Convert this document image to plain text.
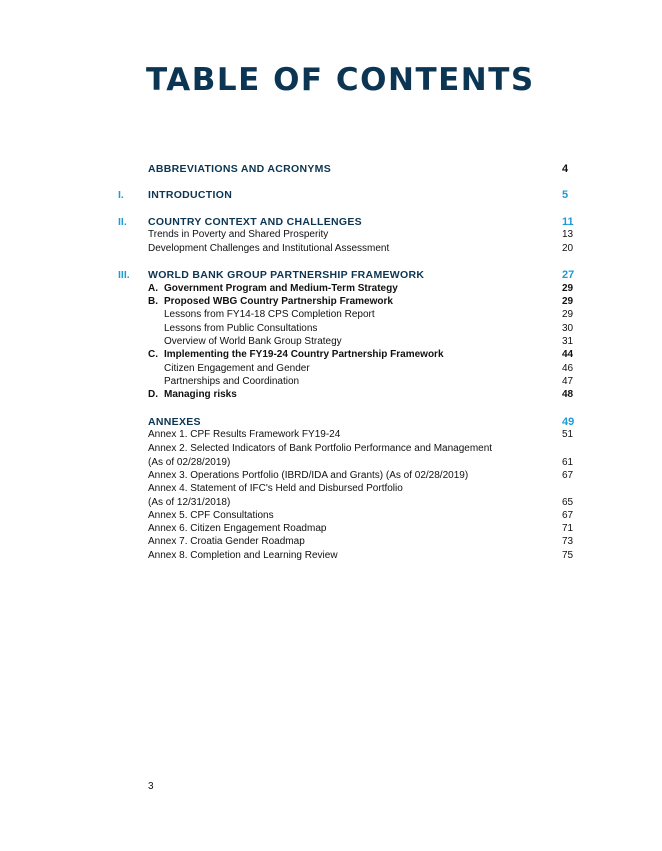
TABLE OF CONTENTS
ABBREVIATIONS AND ACRONYMS	4
I. INTRODUCTION	5
II. COUNTRY CONTEXT AND CHALLENGES	11
Trends in Poverty and Shared Prosperity	13
Development Challenges and Institutional Assessment	20
III. WORLD BANK GROUP PARTNERSHIP FRAMEWORK	27
A. Government Program and Medium-Term Strategy	29
B. Proposed WBG Country Partnership Framework	29
Lessons from FY14-18 CPS Completion Report	29
Lessons from Public Consultations	30
Overview of World Bank Group Strategy	31
C. Implementing the FY19-24 Country Partnership Framework	44
Citizen Engagement and Gender	46
Partnerships and Coordination	47
D. Managing risks	48
ANNEXES	49
Annex 1. CPF Results Framework FY19-24	51
Annex 2. Selected Indicators of Bank Portfolio Performance and Management
(As of 02/28/2019)	61
Annex 3. Operations Portfolio (IBRD/IDA and Grants) (As of 02/28/2019)	67
Annex 4. Statement of IFC's Held and Disbursed Portfolio
(As of 12/31/2018)	65
Annex 5. CPF Consultations	67
Annex 6. Citizen Engagement Roadmap	71
Annex 7. Croatia Gender Roadmap	73
Annex 8. Completion and Learning Review	75
3
